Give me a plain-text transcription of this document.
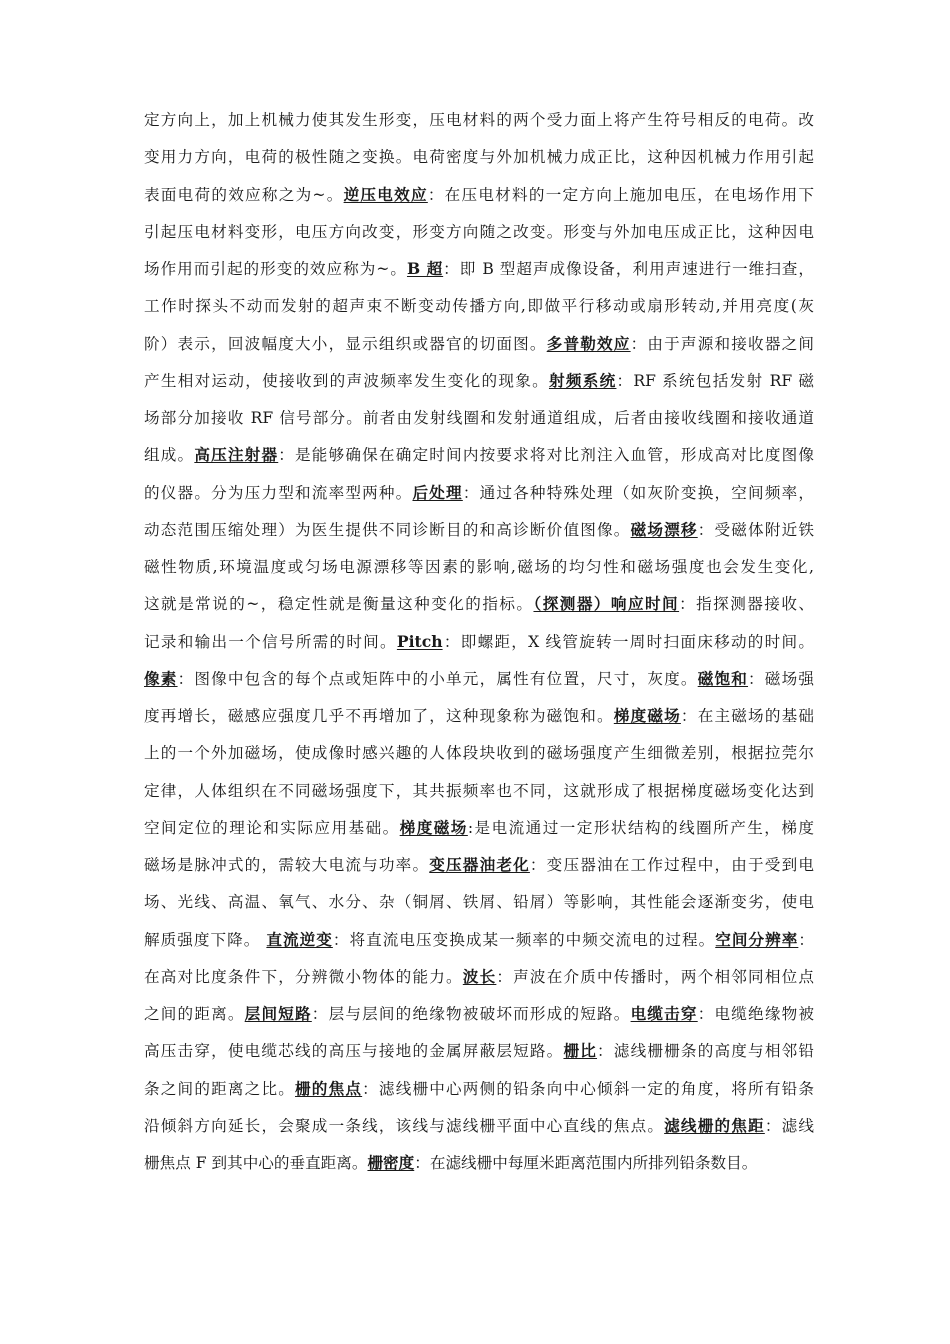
定方向上，加上机械力使其发生形变，压电材料的两个受力面上将产生符号相反的电荷。改
变用力方向，电荷的极性随之变换。电荷密度与外加机械力成正比，这种因机械力作用引起
表面电荷的效应称之为~。逆压电效应：在压电材料的一定方向上施加电压，在电场作用下
引起压电材料变形，电压方向改变，形变方向随之改变。形变与外加电压成正比，这种因电
场作用而引起的形变的效应称为~。B 超：即 B 型超声成像设备，利用声速进行一维扫查，
工作时探头不动而发射的超声束不断变动传播方向,即做平行移动或扇形转动,并用亮度(灰
阶）表示，回波幅度大小，显示组织或器官的切面图。多普勒效应：由于声源和接收器之间
产生相对运动，使接收到的声波频率发生变化的现象。射频系统：RF 系统包括发射 RF 磁
场部分加接收 RF 信号部分。前者由发射线圈和发射通道组成，后者由接收线圈和接收通道
组成。高压注射器：是能够确保在确定时间内按要求将对比剂注入血管，形成高对比度图像
的仪器。分为压力型和流率型两种。后处理：通过各种特殊处理（如灰阶变换，空间频率，
动态范围压缩处理）为医生提供不同诊断目的和高诊断价值图像。磁场漂移：受磁体附近铁
磁性物质,环境温度或匀场电源漂移等因素的影响,磁场的均匀性和磁场强度也会发生变化,
这就是常说的~，稳定性就是衡量这种变化的指标。（探测器）响应时间：指探测器接收、
记录和输出一个信号所需的时间。Pitch：即螺距，X 线管旋转一周时扫面床移动的时间。
像素：图像中包含的每个点或矩阵中的小单元，属性有位置，尺寸，灰度。磁饱和：磁场强
度再增长，磁感应强度几乎不再增加了，这种现象称为磁饱和。梯度磁场：在主磁场的基础
上的一个外加磁场，使成像时感兴趣的人体段块收到的磁场强度产生细微差别，根据拉莞尔
定律，人体组织在不同磁场强度下，其共振频率也不同，这就形成了根据梯度磁场变化达到
空间定位的理论和实际应用基础。梯度磁场:是电流通过一定形状结构的线圈所产生，梯度
磁场是脉冲式的，需较大电流与功率。变压器油老化：变压器油在工作过程中，由于受到电
场、光线、高温、氧气、水分、杂（铜屑、铁屑、铅屑）等影响，其性能会逐渐变劣，使电
解质强度下降。 直流逆变：将直流电压变换成某一频率的中频交流电的过程。空间分辨率：
在高对比度条件下，分辨微小物体的能力。波长：声波在介质中传播时，两个相邻同相位点
之间的距离。层间短路：层与层间的绝缘物被破坏而形成的短路。电缆击穿：电缆绝缘物被
高压击穿，使电缆芯线的高压与接地的金属屏蔽层短路。栅比：滤线栅栅条的高度与相邻铅
条之间的距离之比。栅的焦点：滤线栅中心两侧的铅条向中心倾斜一定的角度，将所有铅条
沿倾斜方向延长，会聚成一条线，该线与滤线栅平面中心直线的焦点。滤线栅的焦距：滤线
栅焦点 F 到其中心的垂直距离。栅密度：在滤线栅中每厘米距离范围内所排列铅条数目。
